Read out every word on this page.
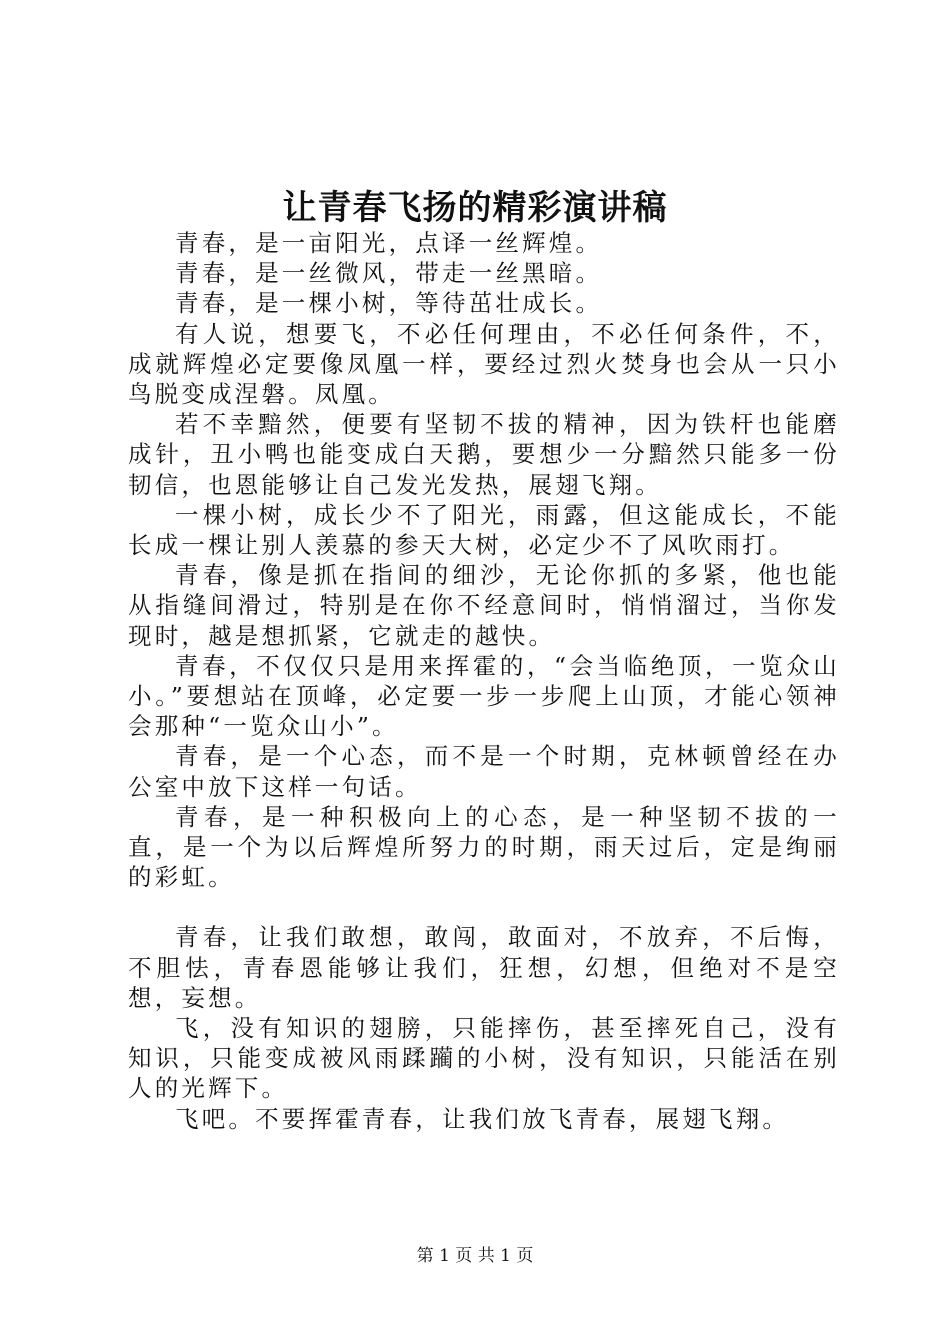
让青春飞扬的精彩演讲稿

青春，是一亩阳光，点译一丝辉煌。

青春，是一丝微风，带走一丝黑暗。

青春，是一棵小树，等待茁壮成长。

有人说，想要飞，不必任何理由，不必任何条件，不，成就辉煌必定要像凤凰一样，要经过烈火焚身也会从一只小鸟脱变成涅磐。凤凰。

若不幸黯然，便要有坚韧不拔的精神，因为铁杆也能磨成针，丑小鸭也能变成白天鹅，要想少一分黯然只能多一份韧信，也恩能够让自己发光发热，展翅飞翔。

一棵小树，成长少不了阳光，雨露，但这能成长，不能长成一棵让别人羡慕的参天大树，必定少不了风吹雨打。

青春，像是抓在指间的细沙，无论你抓的多紧，他也能从指缝间滑过，特别是在你不经意间时，悄悄溜过，当你发现时，越是想抓紧，它就走的越快。

青春，不仅仅只是用来挥霍的，“会当临绝顶，一览众山小。”要想站在顶峰，必定要一步一步爬上山顶，才能心领神会那种“一览众山小”。

青春，是一个心态，而不是一个时期，克林顿曾经在办公室中放下这样一句话。

青春，是一种积极向上的心态，是一种坚韧不拔的一直，是一个为以后辉煌所努力的时期，雨天过后，定是绚丽的彩虹。

青春，让我们敢想，敢闯，敢面对，不放弃，不后悔，不胆怯，青春恩能够让我们，狂想，幻想，但绝对不是空想，妄想。

飞，没有知识的翅膀，只能摔伤，甚至摔死自己，没有知识，只能变成被风雨蹂躏的小树，没有知识，只能活在别人的光辉下。

飞吧。不要挥霍青春，让我们放飞青春，展翅飞翔。

第 1 页 共 1 页
